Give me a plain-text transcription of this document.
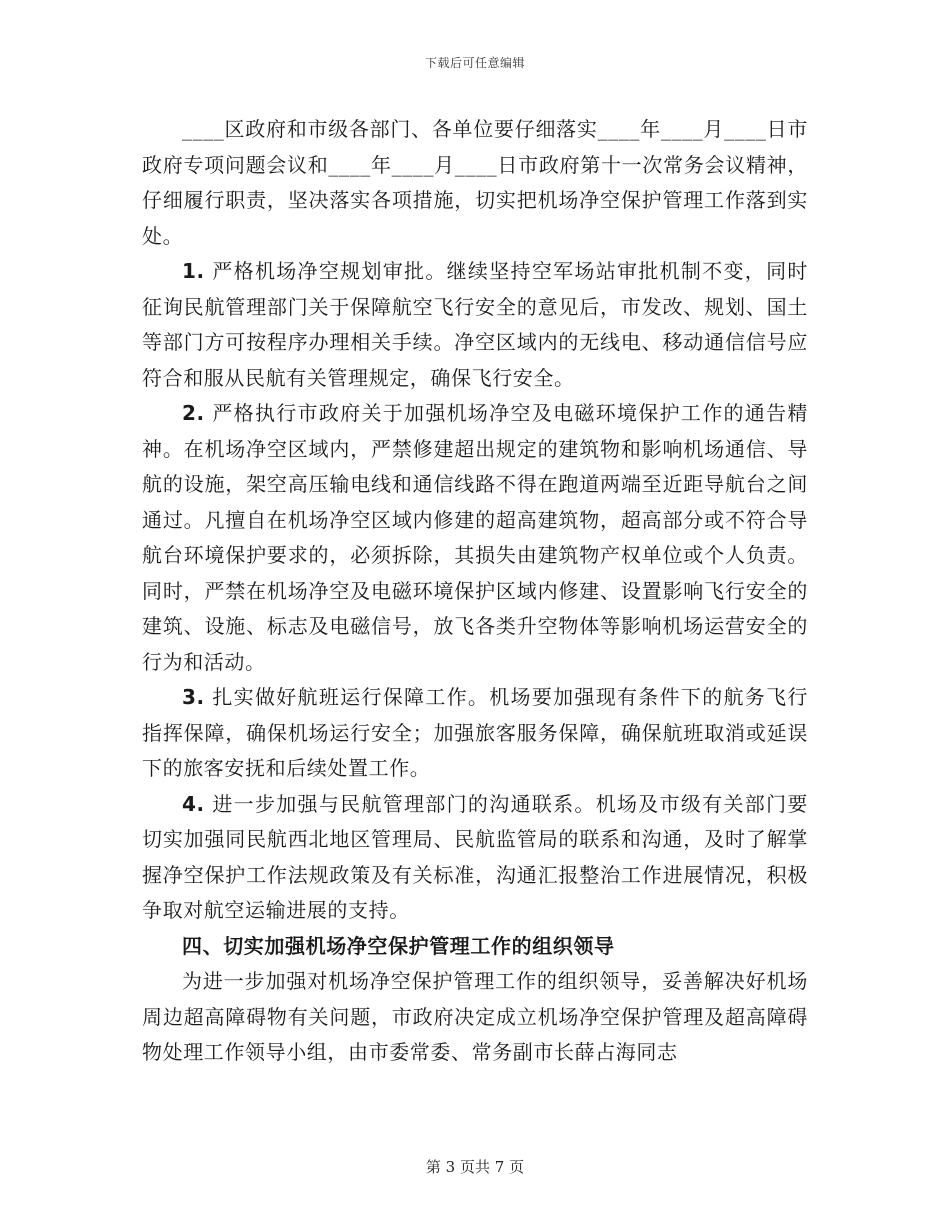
下载后可任意编辑

____区政府和市级各部门、各单位要仔细落实____年____月____日市政府专项问题会议和____年____月____日市政府第十一次常务会议精神，仔细履行职责，坚决落实各项措施，切实把机场净空保护管理工作落到实处。

1. 严格机场净空规划审批。继续坚持空军场站审批机制不变，同时征询民航管理部门关于保障航空飞行安全的意见后，市发改、规划、国土等部门方可按程序办理相关手续。净空区域内的无线电、移动通信信号应符合和服从民航有关管理规定，确保飞行安全。

2. 严格执行市政府关于加强机场净空及电磁环境保护工作的通告精神。在机场净空区域内，严禁修建超出规定的建筑物和影响机场通信、导航的设施，架空高压输电线和通信线路不得在跑道两端至近距导航台之间通过。凡擅自在机场净空区域内修建的超高建筑物，超高部分或不符合导航台环境保护要求的，必须拆除，其损失由建筑物产权单位或个人负责。同时，严禁在机场净空及电磁环境保护区域内修建、设置影响飞行安全的建筑、设施、标志及电磁信号，放飞各类升空物体等影响机场运营安全的行为和活动。

3. 扎实做好航班运行保障工作。机场要加强现有条件下的航务飞行指挥保障，确保机场运行安全；加强旅客服务保障，确保航班取消或延误下的旅客安抚和后续处置工作。

4. 进一步加强与民航管理部门的沟通联系。机场及市级有关部门要切实加强同民航西北地区管理局、民航监管局的联系和沟通，及时了解掌握净空保护工作法规政策及有关标准，沟通汇报整治工作进展情况，积极争取对航空运输进展的支持。

四、切实加强机场净空保护管理工作的组织领导

为进一步加强对机场净空保护管理工作的组织领导，妥善解决好机场周边超高障碍物有关问题，市政府决定成立机场净空保护管理及超高障碍物处理工作领导小组，由市委常委、常务副市长薛占海同志

第 3 页共 7 页
